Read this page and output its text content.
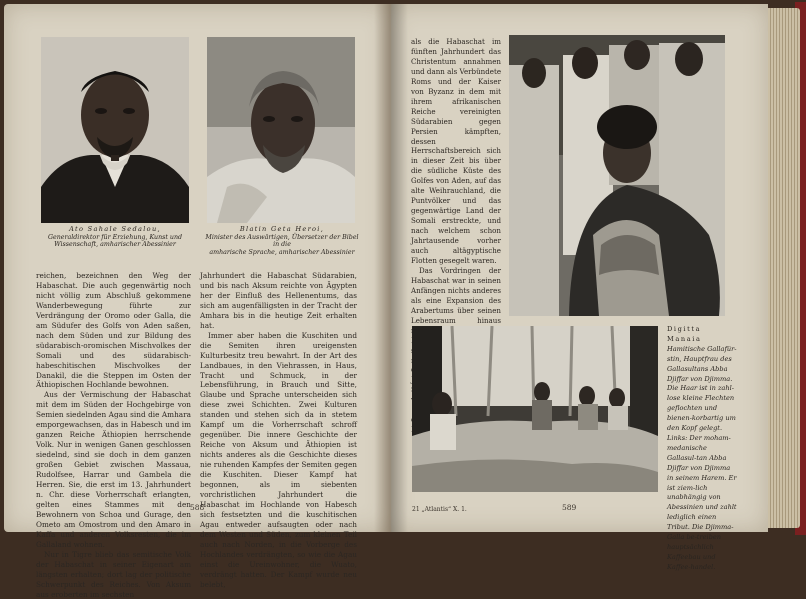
Ato Sahale Sedalou,
Generaldirektor für Erziehung, Kunst und
Wissenschaft, amharischer Abessinier
Blatin Geta Heroi,
Minister des Auswärtigen, Übersetzer der Bibel in die
amharische Sprache, amharischer Abessinier

reichen, bezeichnen den Weg der Habaschat. Die auch gegenwärtig noch nicht völlig zum Abschluß gekommene Wanderbewegung führte zur Verdrängung der Oromo oder Galla, die am Südufer des Golfs von Aden saßen, nach dem Süden und zur Bildung des südarabisch-oromischen Mischvolkes der Somali und des südarabisch-habeschitischen Mischvolkes der Danakil, die die Steppen im Osten der Äthiopischen Hochlande bewohnen.

Aus der Vermischung der Habaschat mit dem im Süden der Hochgebirge von Semien siedelnden Agau sind die Amhara emporgewachsen, das in Habesch und im ganzen Reiche Äthiopien herrschende Volk. Nur in wenigen Ganen geschlossen siedelnd, sind sie doch in dem ganzen großen Gebiet zwischen Massaua, Rudolfsee, Harrar und Gambela die Herren. Sie, die erst im 13. Jahrhundert n. Chr. diese Vorherrschaft erlangten, gelten eines Stammes mit den Bewohnern von Schoa und Gurage, den Ometo am Omostrom und den Amaro in Kaffa und anderen Volksresten, die im Gallaland wohnen.

Nur in Tigre blieb das semitische Volk der Habaschat in seiner Eigenart am längsten erhalten; dort lag der politische Schwerpunkt des Reiches. Von Aksum aus eroberten im sechsten

Jahrhundert die Habaschat Südarabien, und bis nach Aksum reichte von Ägypten her der Einfluß des Hellenentums, das sich am augenfälligsten in der Tracht der Amhara bis in die heutige Zeit erhalten hat.

Immer aber haben die Kuschiten und die Semiten ihren ureigensten Kulturbesitz treu bewahrt. In der Art des Landbaues, in den Viehrassen, in Haus, Tracht und Schmuck, in der Lebensführung, in Brauch und Sitte, Glaube und Sprache unterscheiden sich diese zwei Schichten. Zwei Kulturen standen und stehen sich da in stetem Kampf um die Vorherrschaft schroff gegenüber. Die innere Geschichte der Reiche von Aksum und Äthiopien ist nichts anderes als die Geschichte dieses nie ruhenden Kampfes der Semiten gegen die Kuschiten. Dieser Kampf hat begonnen, als im siebenten vorchristlichen Jahrhundert die Habaschat im Hochlande von Habesch sich festsetzten und die kuschitischen Agau entweder aufsaugten oder nach dem Westen und Süden, zum kleinen Teil auch nach Norden, in die Vorberge des Hochlandes verdrängten, so wie die Agau einst die Ureinwohner, die Wuato, verdrängt hatten. Der Kampf wurde neu belebt,

588

als die Habaschat im fünften Jahrhundert das Christentum annahmen und dann als Verbündete Roms und der Kaiser von Byzanz in dem mit ihrem afrikanischen Reiche vereinigten Südarabien gegen Persien kämpften, dessen Herrschaftsbereich sich in dieser Zeit bis über die südliche Küste des Golfes von Aden, auf das alte Weihrauchland, die Puntvölker und das gegenwärtige Land der Somali erstreckte, und nach welchem schon Jahrtausende vorher auch altägyptische Flotten gesegelt waren.

Das Vordringen der Habaschat war in seinen Anfängen nichts anderes als eine Expansion des Arabertums über seinen Lebensraum hinaus

Digitta Manaia
Hamitische Gallafür-stin, Hauptfrau des Gallasultans Abba Djiffar von Djimma. Die Haar ist in zahl-lose kleine Flechten geflochten und bienen-korbartig um den Kopf gelegt. Links: Der moham-medanische Gallasul-tan Abba Djiffar von Djimma in seinem Harem. Er ist ziem-lich unabhängig von Abessinien und zahlt lediglich einen Tribut. Die Djimma-Galla be-treiben hauptsächlich Kaffeebau und Kaffee-handel.
21 „Atlantis“ X. 1.	589
